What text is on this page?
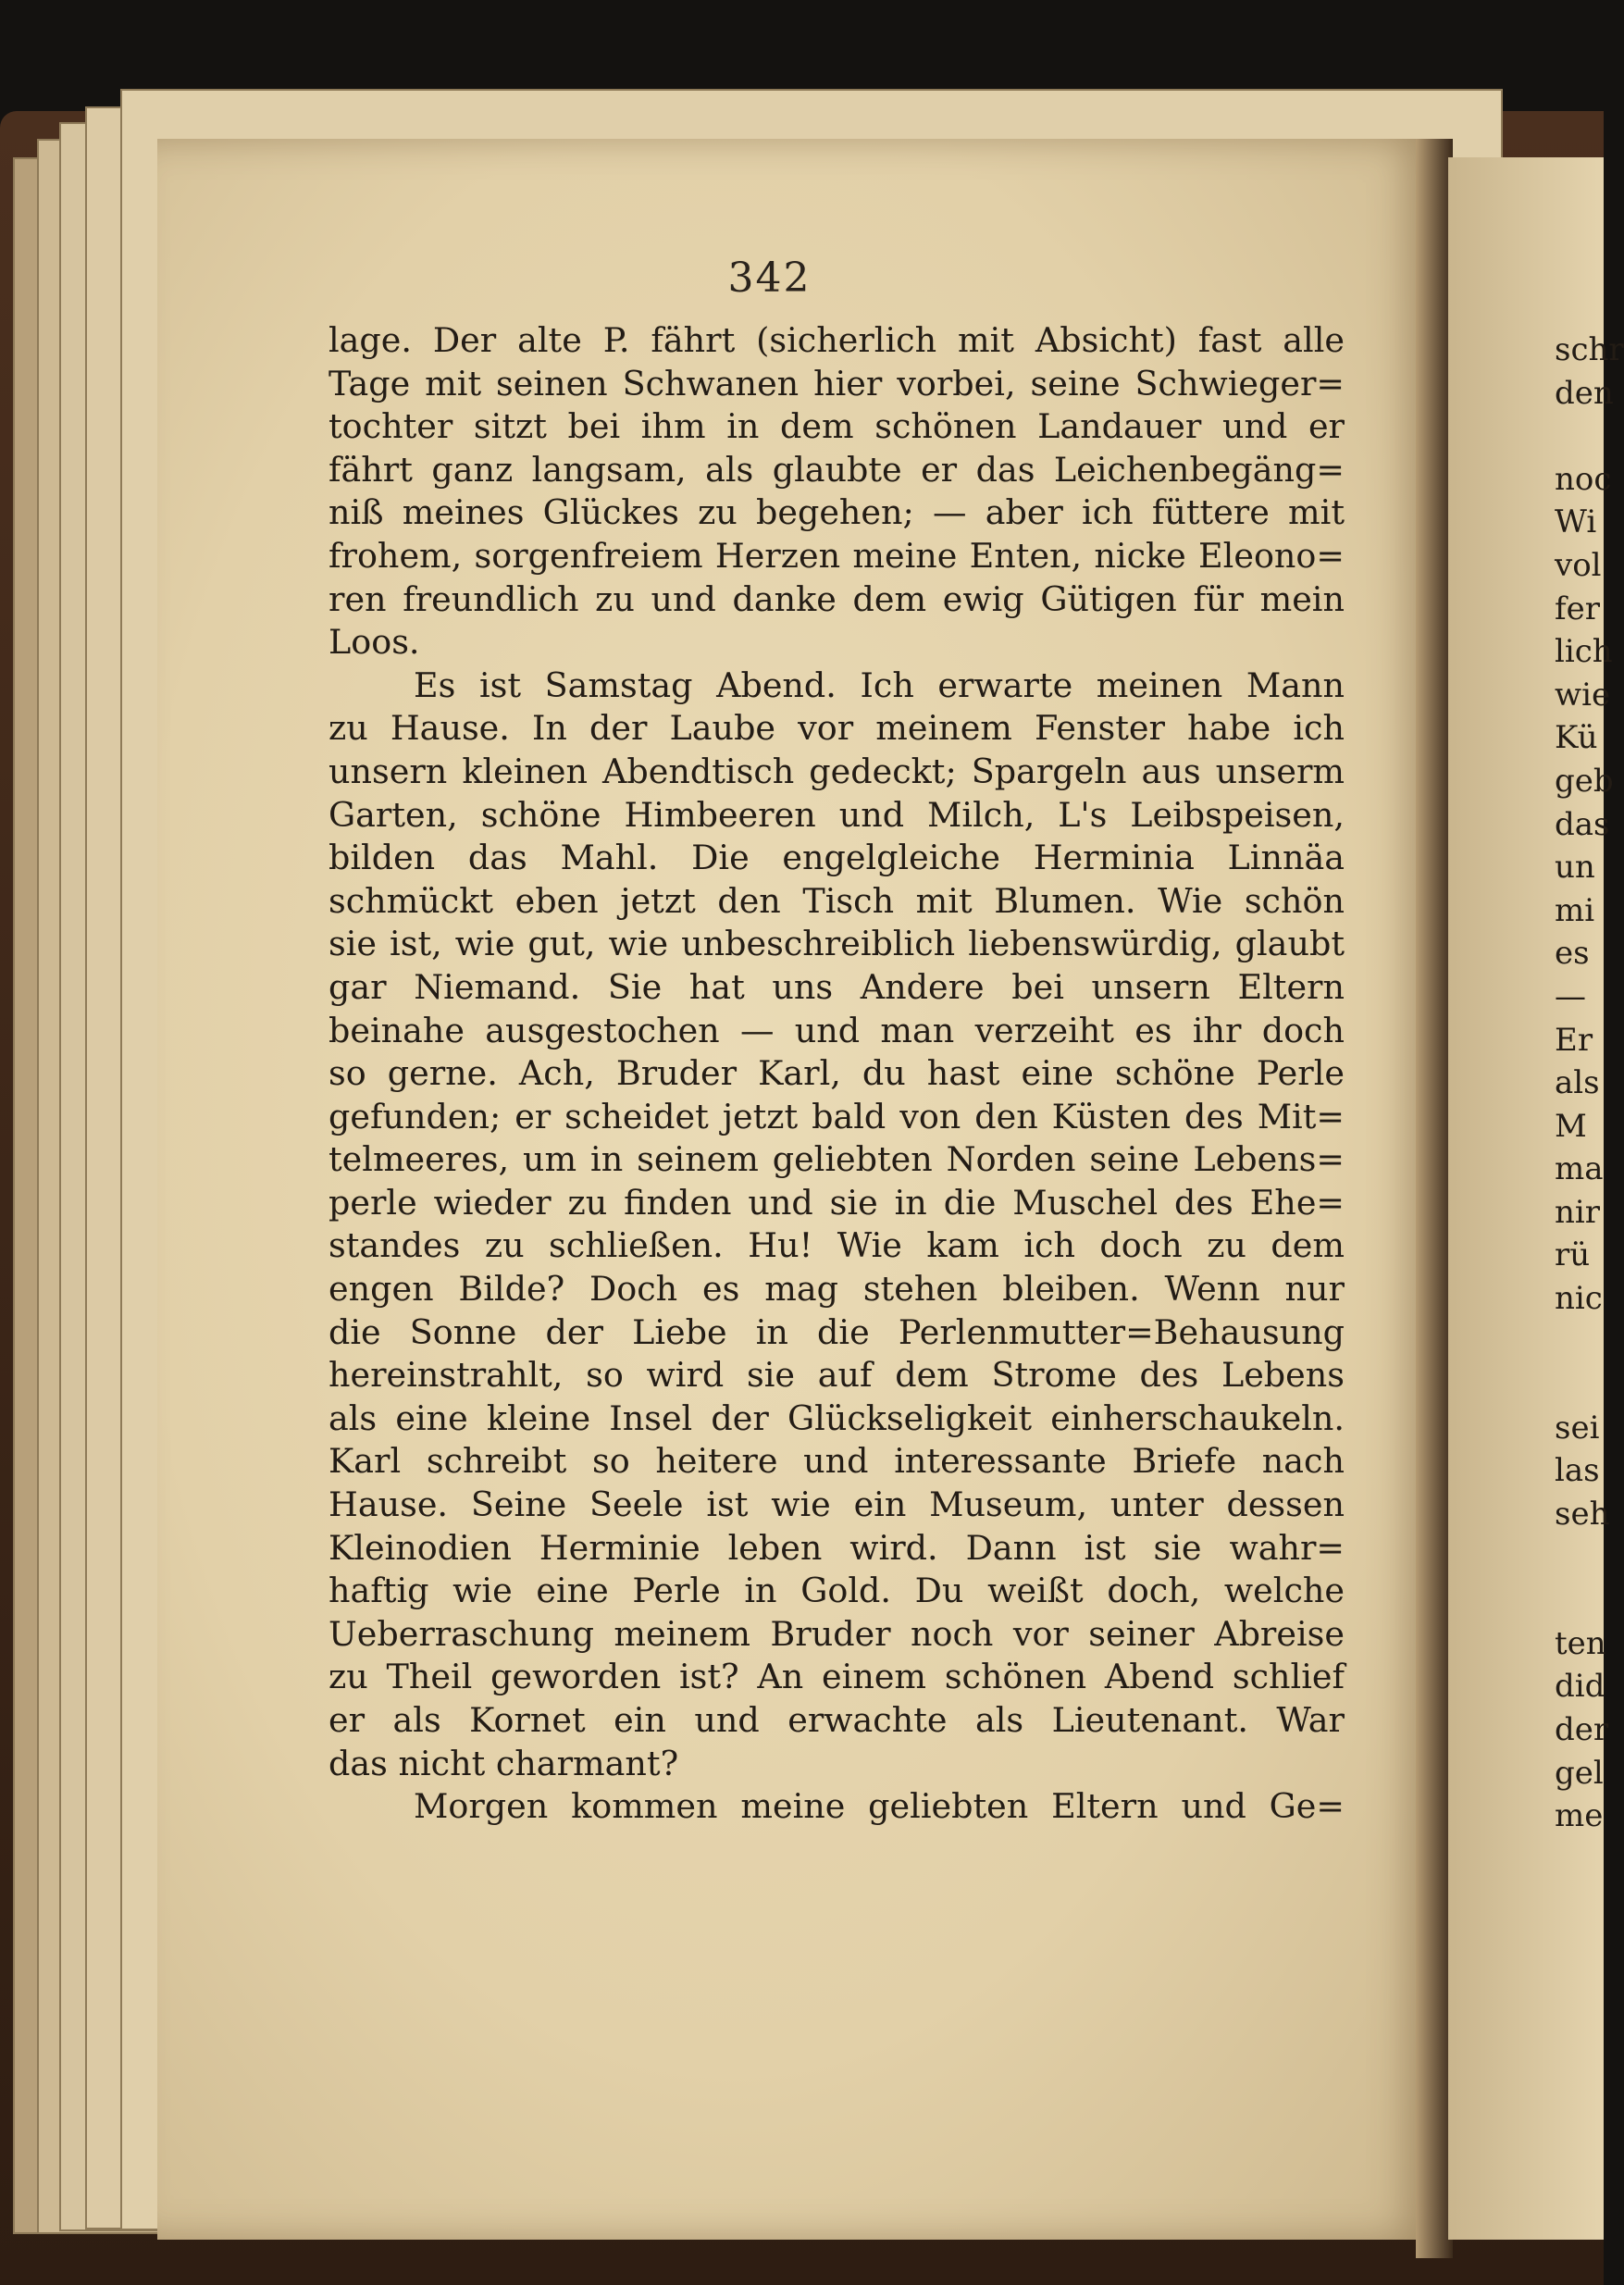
342
lage. Der alte P. fährt (sicherlich mit Absicht) fast alle
Tage mit seinen Schwanen hier vorbei, seine Schwieger=
tochter sitzt bei ihm in dem schönen Landauer und er
fährt ganz langsam, als glaubte er das Leichenbegäng=
niß meines Glückes zu begehen; — aber ich füttere mit
frohem, sorgenfreiem Herzen meine Enten, nicke Eleono=
ren freundlich zu und danke dem ewig Gütigen für mein
Loos.
Es ist Samstag Abend. Ich erwarte meinen Mann
zu Hause. In der Laube vor meinem Fenster habe ich
unsern kleinen Abendtisch gedeckt; Spargeln aus unserm
Garten, schöne Himbeeren und Milch, L's Leibspeisen,
bilden das Mahl. Die engelgleiche Herminia Linnäa
schmückt eben jetzt den Tisch mit Blumen. Wie schön
sie ist, wie gut, wie unbeschreiblich liebenswürdig, glaubt
gar Niemand. Sie hat uns Andere bei unsern Eltern
beinahe ausgestochen — und man verzeiht es ihr doch
so gerne. Ach, Bruder Karl, du hast eine schöne Perle
gefunden; er scheidet jetzt bald von den Küsten des Mit=
telmeeres, um in seinem geliebten Norden seine Lebens=
perle wieder zu finden und sie in die Muschel des Ehe=
standes zu schließen. Hu! Wie kam ich doch zu dem
engen Bilde? Doch es mag stehen bleiben. Wenn nur
die Sonne der Liebe in die Perlenmutter=Behausung
hereinstrahlt, so wird sie auf dem Strome des Lebens
als eine kleine Insel der Glückseligkeit einherschaukeln.
Karl schreibt so heitere und interessante Briefe nach
Hause. Seine Seele ist wie ein Museum, unter dessen
Kleinodien Herminie leben wird. Dann ist sie wahr=
haftig wie eine Perle in Gold. Du weißt doch, welche
Ueberraschung meinem Bruder noch vor seiner Abreise
zu Theil geworden ist? An einem schönen Abend schlief
er als Kornet ein und erwachte als Lieutenant. War
das nicht charmant?
Morgen kommen meine geliebten Eltern und Ge=
schr
den
noc
Wi
vol
fer
lich
wie
Kü
geb
das
un
mi
es
—
Er
als
M
ma
nir
rü
nic
sei
las
seh
ten
did
der
gel
me
